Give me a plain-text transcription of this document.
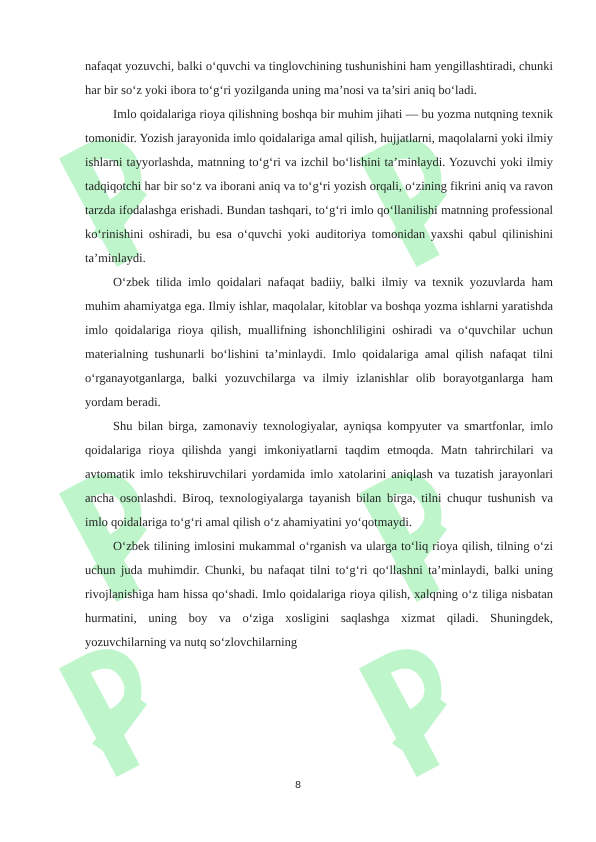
nafaqat yozuvchi, balki o‘quvchi va tinglovchining tushunishini ham yengillashtiradi, chunki har bir so‘z yoki ibora to‘g‘ri yozilganda uning ma’nosi va ta’siri aniq bo‘ladi.

Imlo qoidalariga rioya qilishning boshqa bir muhim jihati — bu yozma nutqning texnik tomonidir. Yozish jarayonida imlo qoidalariga amal qilish, hujjatlarni, maqolalarni yoki ilmiy ishlarni tayyorlashda, matnning to‘g‘ri va izchil bo‘lishini ta’minlaydi. Yozuvchi yoki ilmiy tadqiqotchi har bir so‘z va iborani aniq va to‘g‘ri yozish orqali, o‘zining fikrini aniq va ravon tarzda ifodalashga erishadi. Bundan tashqari, to‘g‘ri imlo qo‘llanilishi matnning professional ko‘rinishini oshiradi, bu esa o‘quvchi yoki auditoriya tomonidan yaxshi qabul qilinishini ta’minlaydi.

O‘zbek tilida imlo qoidalari nafaqat badiiy, balki ilmiy va texnik yozuvlarda ham muhim ahamiyatga ega. Ilmiy ishlar, maqolalar, kitoblar va boshqa yozma ishlarni yaratishda imlo qoidalariga rioya qilish, muallifning ishonchliligini oshiradi va o‘quvchilar uchun materialning tushunarli bo‘lishini ta’minlaydi. Imlo qoidalariga amal qilish nafaqat tilni o‘rganayotganlarga, balki yozuvchilarga va ilmiy izlanishlar olib borayotganlarga ham yordam beradi.

Shu bilan birga, zamonaviy texnologiyalar, ayniqsa kompyuter va smartfonlar, imlo qoidalariga rioya qilishda yangi imkoniyatlarni taqdim etmoqda. Matn tahrirchilari va avtomatik imlo tekshiruvchilari yordamida imlo xatolarini aniqlash va tuzatish jarayonlari ancha osonlashdi. Biroq, texnologiyalarga tayanish bilan birga, tilni chuqur tushunish va imlo qoidalariga to‘g‘ri amal qilish o‘z ahamiyatini yo‘qotmaydi.

O‘zbek tilining imlosini mukammal o‘rganish va ularga to‘liq rioya qilish, tilning o‘zi uchun juda muhimdir. Chunki, bu nafaqat tilni to‘g‘ri qo‘llashni ta’minlaydi, balki uning rivojlanishiga ham hissa qo‘shadi. Imlo qoidalariga rioya qilish, xalqning o‘z tiliga nisbatan hurmatini, uning boy va o‘ziga xosligini saqlashga xizmat qiladi. Shuningdek, yozuvchilarning va nutq so‘zlovchilarning

8
